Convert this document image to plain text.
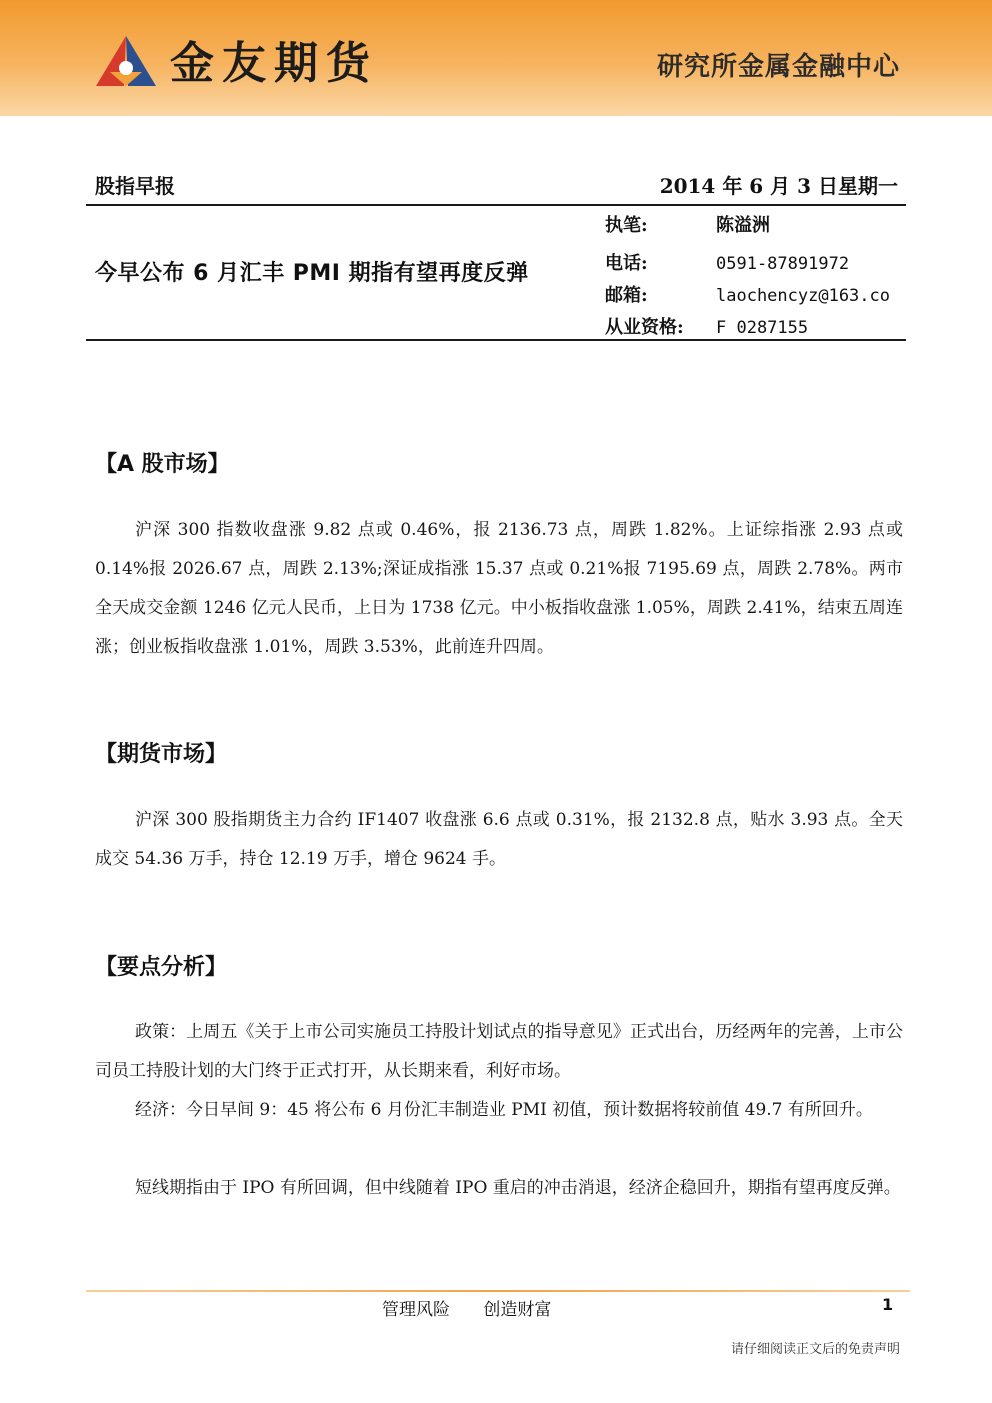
金友期货	研究所金属金融中心
股指早报	2014 年 6 月 3 日星期一
今早公布 6 月汇丰 PMI 期指有望再度反弹
执笔:	陈溢洲
电话:	0591-87891972
邮箱:	laochencyz@163.co
从业资格: F 0287155
【A 股市场】

沪深 300 指数收盘涨 9.82 点或 0.46%，报 2136.73 点，周跌 1.82%。上证综指涨 2.93 点或 0.14%报 2026.67 点，周跌 2.13%;深证成指涨 15.37 点或 0.21%报 7195.69 点，周跌 2.78%。两市全天成交金额 1246 亿元人民币，上日为 1738 亿元。中小板指收盘涨 1.05%，周跌 2.41%，结束五周连涨；创业板指收盘涨 1.01%，周跌 3.53%，此前连升四周。

【期货市场】

沪深 300 股指期货主力合约 IF1407 收盘涨 6.6 点或 0.31%，报 2132.8 点，贴水 3.93 点。全天成交 54.36 万手，持仓 12.19 万手，增仓 9624 手。

【要点分析】

政策：上周五《关于上市公司实施员工持股计划试点的指导意见》正式出台，历经两年的完善，上市公司员工持股计划的大门终于正式打开，从长期来看，利好市场。

经济：今日早间 9：45 将公布 6 月份汇丰制造业 PMI 初值，预计数据将较前值 49.7 有所回升。

短线期指由于 IPO 有所回调，但中线随着 IPO 重启的冲击消退，经济企稳回升，期指有望再度反弹。

管理风险 创造财富	1
请仔细阅读正文后的免责声明
